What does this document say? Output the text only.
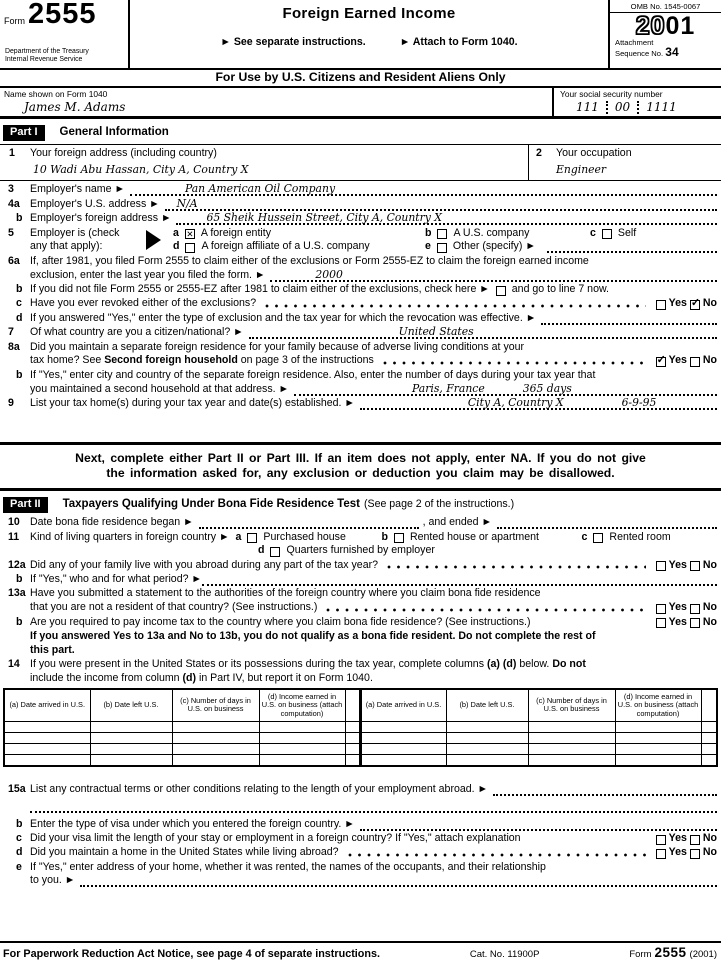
Form 2555
Department of the Treasury
Internal Revenue Service
Foreign Earned Income
► See separate instructions.	► Attach to Form 1040.
OMB No. 1545-0067
2001
Attachment
Sequence No. 34
For Use by U.S. Citizens and Resident Aliens Only
Name shown on Form 1040
James M. Adams
Your social security number
111 00 1111
Part I	General Information
1	Your foreign address (including country)
10 Wadi Abu Hassan, City A, Country X
2	Your occupation
Engineer
3	Employer's name ►	Pan American Oil Company
4a Employer's U.S. address ► N/A
b Employer's foreign address ►	65 Sheik Hussein Street, City A, Country X
5	Employer is (check
any that apply):
a ✕ A foreign entity	b A U.S. company	c Self
d A foreign affiliate of a U.S. company	e Other (specify) ►
6a If, after 1981, you filed Form 2555 to claim either of the exclusions or Form 2555-EZ to claim the foreign earned income
exclusion, enter the last year you filed the form. ►	2000
b If you did not file Form 2555 or 2555-EZ after 1981 to claim either of the exclusions, check here ► and go to line 7 now.
c Have you ever revoked either of the exclusions?	Yes ✓ No
d If you answered "Yes," enter the type of exclusion and the tax year for which the revocation was effective. ►
7	Of what country are you a citizen/national? ►	United States
8a Did you maintain a separate foreign residence for your family because of adverse living conditions at your
tax home? See Second foreign household on page 3 of the instructions	✓ Yes No
b If "Yes," enter city and country of the separate foreign residence. Also, enter the number of days during your tax year that
you maintained a second household at that address. ►	Paris, France	365 days
9	List your tax home(s) during your tax year and date(s) established. ►	City A, Country X	6-9-95
Next, complete either Part II or Part III. If an item does not apply, enter NA. If you do not give
the information asked for, any exclusion or deduction you claim may be disallowed.
Part II	Taxpayers Qualifying Under Bona Fide Residence Test (See page 2 of the instructions.)
10 Date bona fide residence began ►	, and ended ►
11	Kind of living quarters in foreign country ► a Purchased house	b Rented house or apartment	c Rented room
d Quarters furnished by employer
12a Did any of your family live with you abroad during any part of the tax year?	Yes No
b If "Yes," who and for what period? ►
13a Have you submitted a statement to the authorities of the foreign country where you claim bona fide residence
that you are not a resident of that country? (See instructions.)	Yes No
b Are you required to pay income tax to the country where you claim bona fide residence? (See instructions.)	Yes No
If you answered Yes to 13a and No to 13b, you do not qualify as a bona fide resident. Do not complete the rest of
this part.
14 If you were present in the United States or its possessions during the tax year, complete columns (a) (d) below. Do not
include the income from column (d) in Part IV, but report it on Form 1040.
(a) Date arrived in U.S.	(b) Date left U.S.	(c) Number of days in U.S. on business	(d) Income earned in U.S. on business (attach computation)		(a) Date arrived in U.S.	(b) Date left U.S.	(c) Number of days in U.S. on business	(d) Income earned in U.S. on business (attach computation)	

15a List any contractual terms or other conditions relating to the length of your employment abroad. ►
b Enter the type of visa under which you entered the foreign country. ►
c Did your visa limit the length of your stay or employment in a foreign country? If "Yes," attach explanation	Yes No
d Did you maintain a home in the United States while living abroad?	Yes No
e If "Yes," enter address of your home, whether it was rented, the names of the occupants, and their relationship
to you. ►
For Paperwork Reduction Act Notice, see page 4 of separate instructions.	Cat. No. 11900P	Form 2555 (2001)
